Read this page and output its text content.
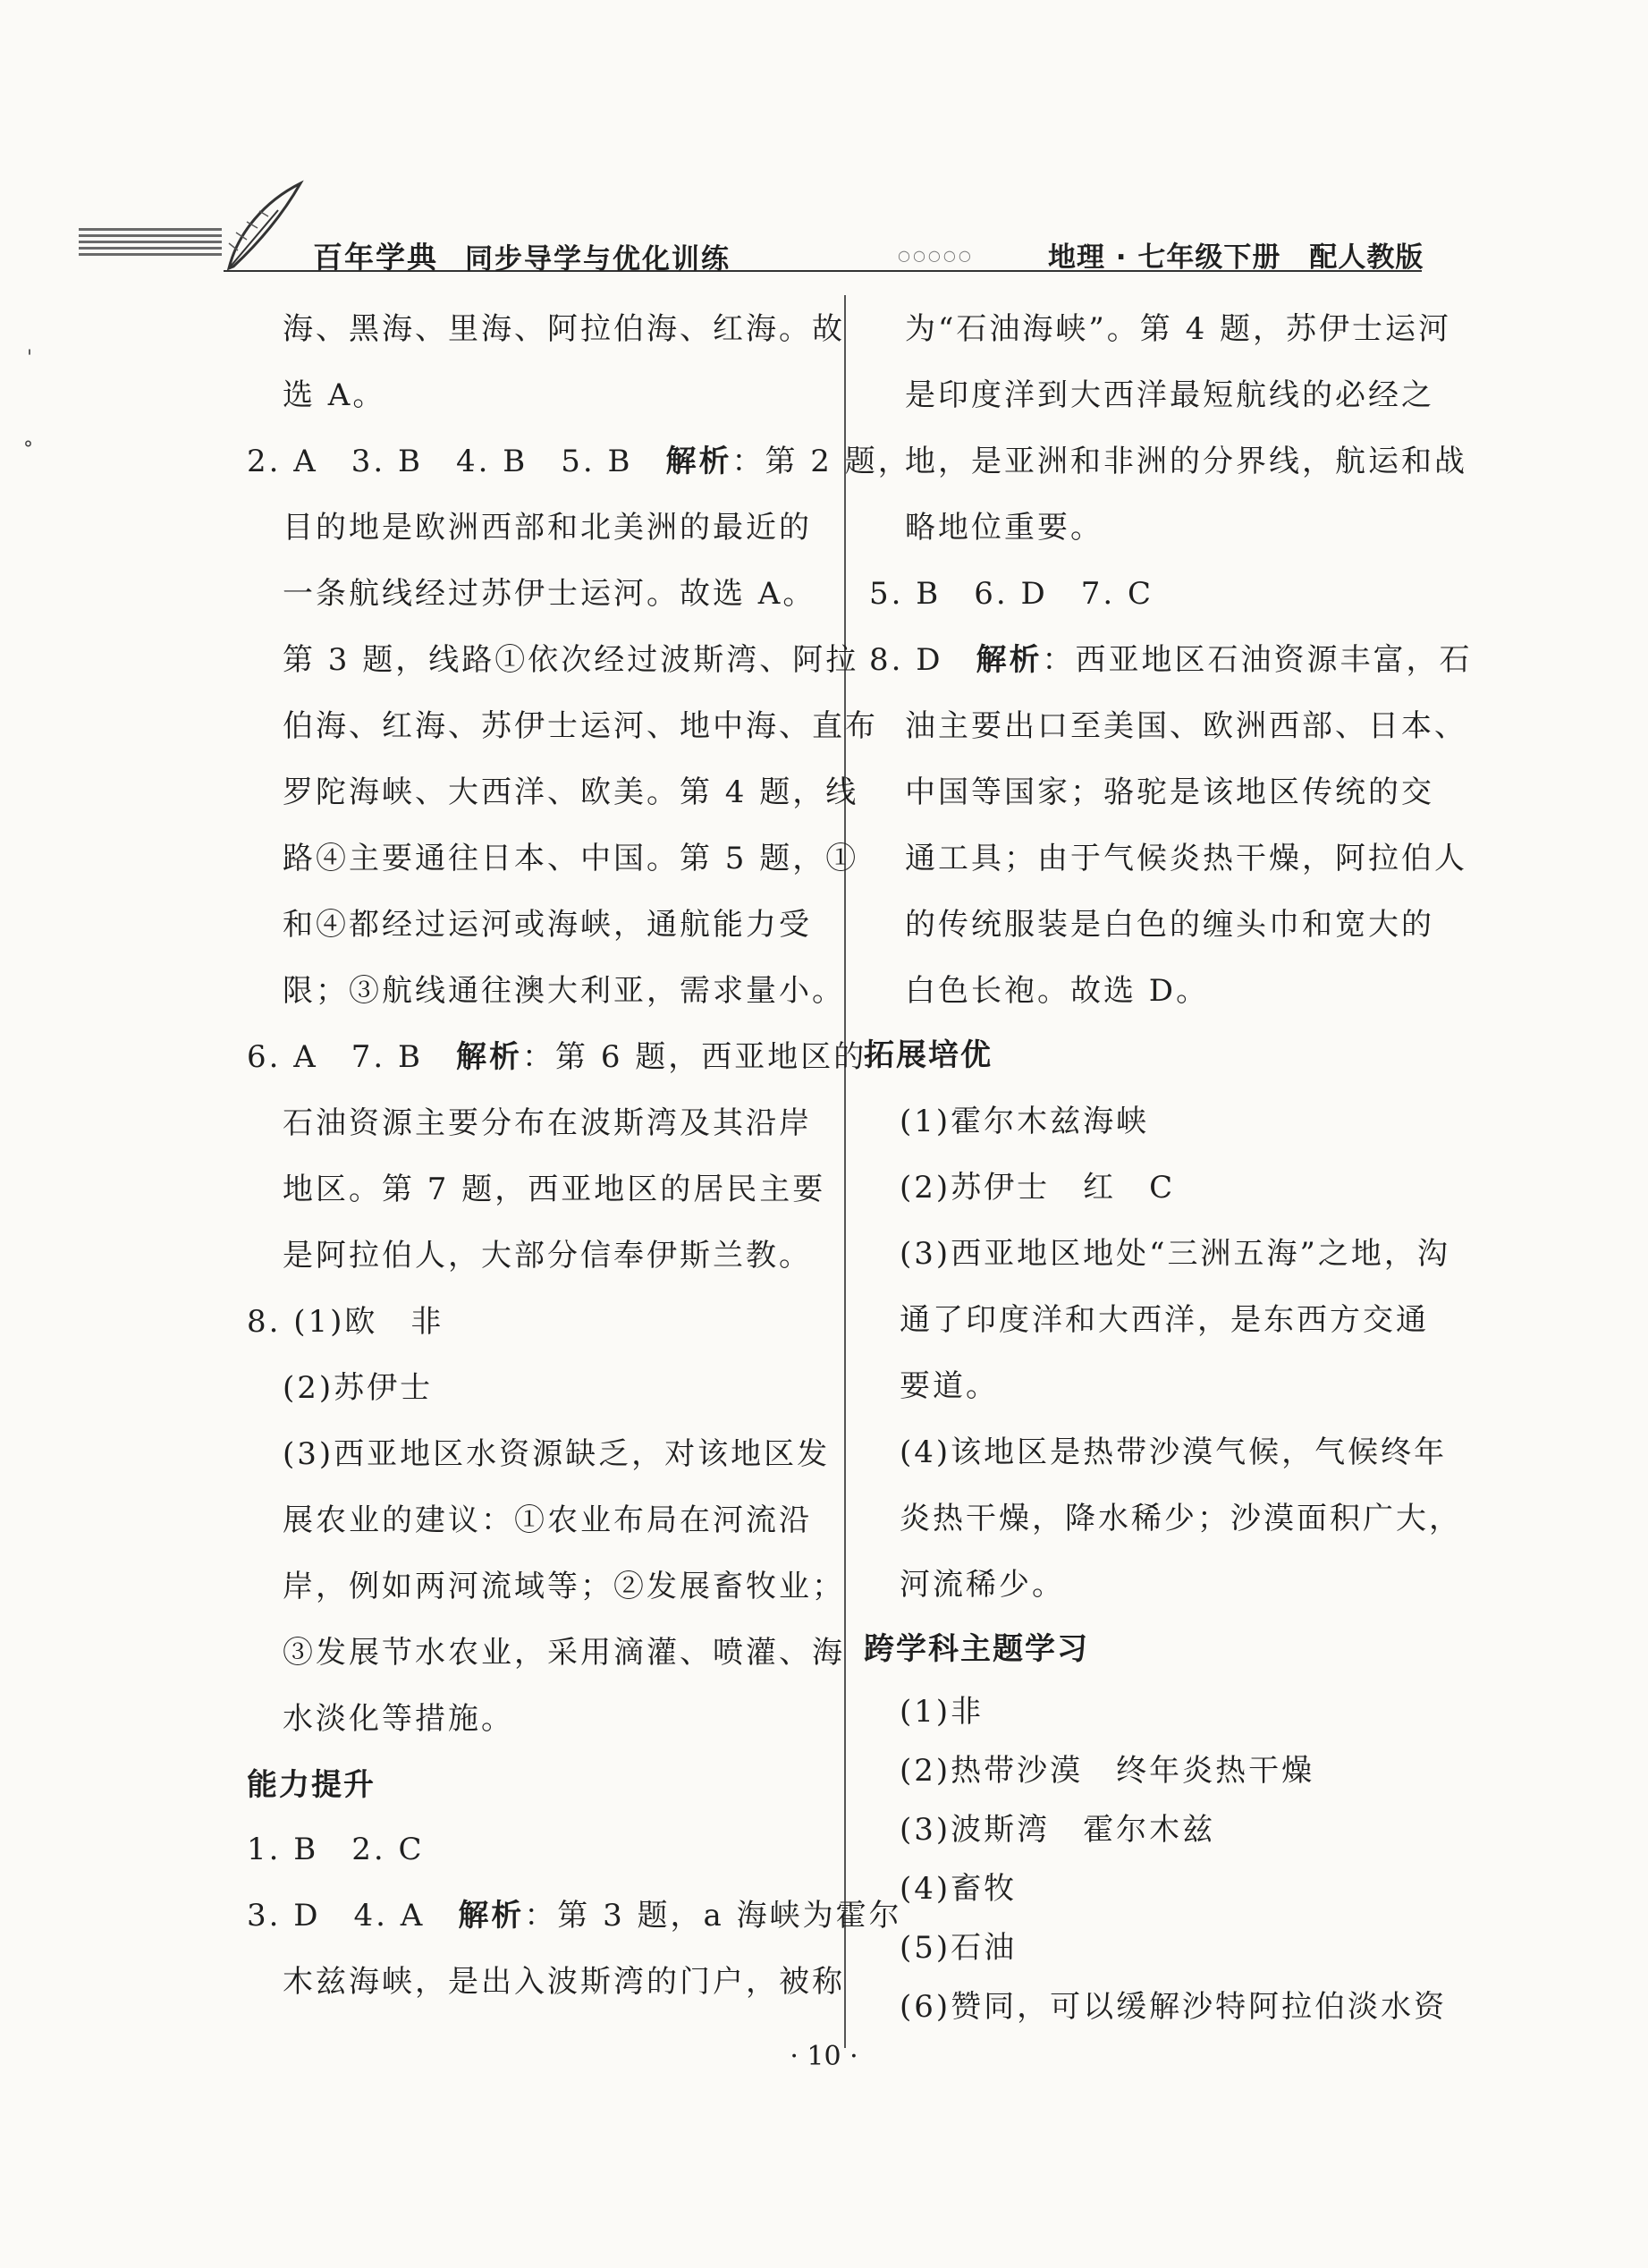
百年学典 同步导学与优化训练	○○○○○	地理 · 七年级下册　配人教版
'
°
海、黑海、里海、阿拉伯海、红海。故
选 A。
2. A　3. B　4. B　5. B　解析：第 2 题，
目的地是欧洲西部和北美洲的最近的
一条航线经过苏伊士运河。故选 A。
第 3 题，线路①依次经过波斯湾、阿拉
伯海、红海、苏伊士运河、地中海、直布
罗陀海峡、大西洋、欧美。第 4 题，线
路④主要通往日本、中国。第 5 题，①
和④都经过运河或海峡，通航能力受
限；③航线通往澳大利亚，需求量小。
6. A　7. B　解析：第 6 题，西亚地区的
石油资源主要分布在波斯湾及其沿岸
地区。第 7 题，西亚地区的居民主要
是阿拉伯人，大部分信奉伊斯兰教。
8. (1)欧　非
(2)苏伊士
(3)西亚地区水资源缺乏，对该地区发
展农业的建议：①农业布局在河流沿
岸，例如两河流域等；②发展畜牧业；
③发展节水农业，采用滴灌、喷灌、海
水淡化等措施。
能力提升
1. B　2. C
3. D　4. A　解析：第 3 题，a 海峡为霍尔
木兹海峡，是出入波斯湾的门户，被称
为“石油海峡”。第 4 题，苏伊士运河
是印度洋到大西洋最短航线的必经之
地，是亚洲和非洲的分界线，航运和战
略地位重要。
5. B　6. D　7. C
8. D　解析：西亚地区石油资源丰富，石
油主要出口至美国、欧洲西部、日本、
中国等国家；骆驼是该地区传统的交
通工具；由于气候炎热干燥，阿拉伯人
的传统服装是白色的缠头巾和宽大的
白色长袍。故选 D。
拓展培优
(1)霍尔木兹海峡
(2)苏伊士　红　C
(3)西亚地区地处“三洲五海”之地，沟
通了印度洋和大西洋，是东西方交通
要道。
(4)该地区是热带沙漠气候，气候终年
炎热干燥，降水稀少；沙漠面积广大，
河流稀少。
跨学科主题学习
(1)非
(2)热带沙漠　终年炎热干燥
(3)波斯湾　霍尔木兹
(4)畜牧
(5)石油
(6)赞同，可以缓解沙特阿拉伯淡水资
· 10 ·
